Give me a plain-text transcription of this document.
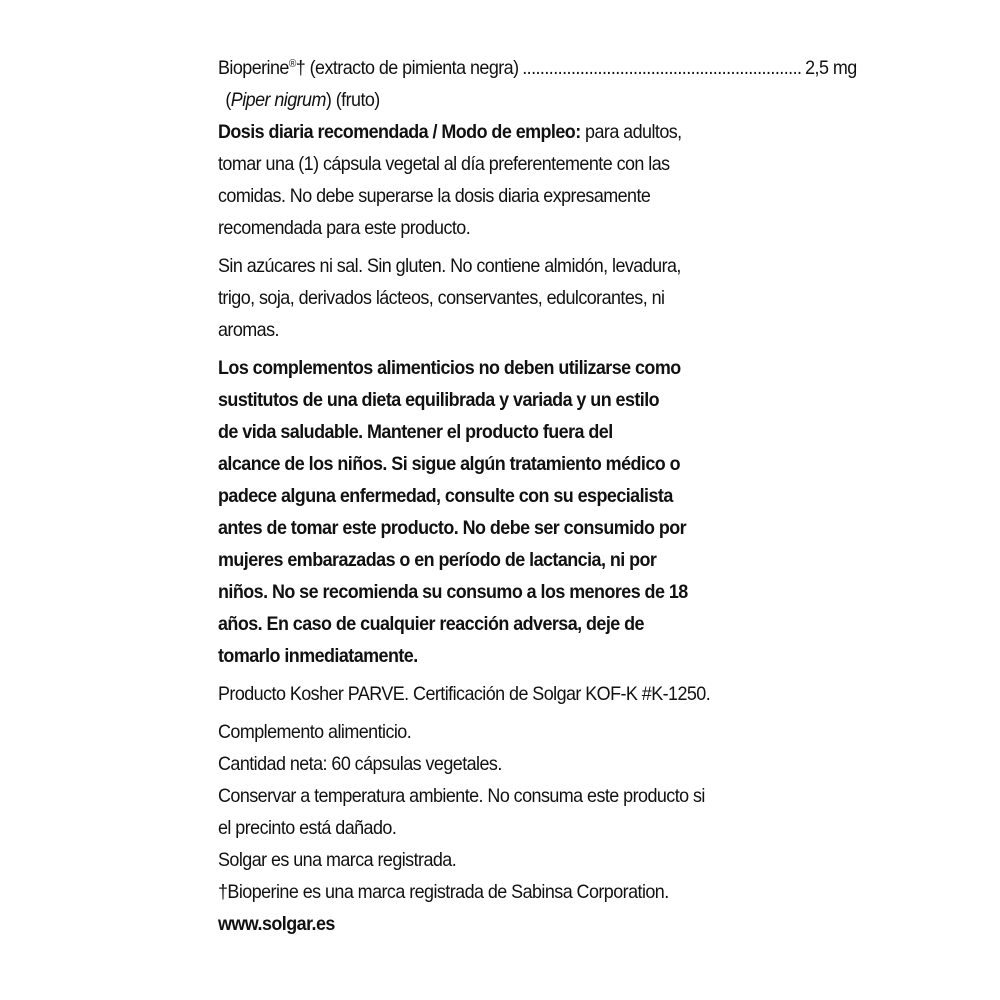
Bioperine®† (extracto de pimienta negra) ............................................................... 2,5 mg

(Piper nigrum) (fruto)

Dosis diaria recomendada / Modo de empleo: para adultos,

tomar una (1) cápsula vegetal al día preferentemente con las

comidas. No debe superarse la dosis diaria expresamente

recomendada para este producto.

Sin azúcares ni sal. Sin gluten. No contiene almidón, levadura,

trigo, soja, derivados lácteos, conservantes, edulcorantes, ni

aromas.

Los complementos alimenticios no deben utilizarse como

sustitutos de una dieta equilibrada y variada y un estilo

de vida saludable. Mantener el producto fuera del

alcance de los niños. Si sigue algún tratamiento médico o

padece alguna enfermedad, consulte con su especialista

antes de tomar este producto. No debe ser consumido por

mujeres embarazadas o en período de lactancia, ni por

niños. No se recomienda su consumo a los menores de 18

años. En caso de cualquier reacción adversa, deje de

tomarlo inmediatamente.

Producto Kosher PARVE. Certificación de Solgar KOF-K #K-1250.

Complemento alimenticio.

Cantidad neta: 60 cápsulas vegetales.

Conservar a temperatura ambiente. No consuma este producto si

el precinto está dañado.

Solgar es una marca registrada.

†Bioperine es una marca registrada de Sabinsa Corporation.

www.solgar.es
